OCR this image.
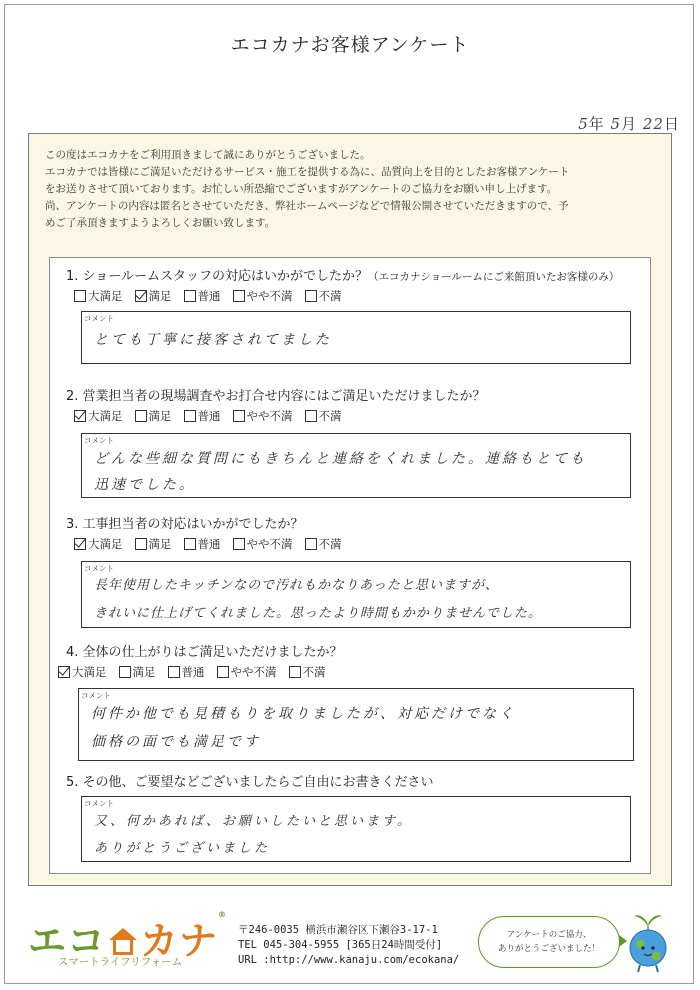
エコカナお客様アンケート
5年 5月 22日

この度はエコカナをご利用頂きまして誠にありがとうございました。

エコカナでは皆様にご満足いただけるサービス・施工を提供する為に、品質向上を目的としたお客様アンケート

をお送りさせて頂いております。お忙しい所恐縮でございますがアンケートのご協力をお願い申し上げます。

尚、アンケートの内容は匿名とさせていただき、弊社ホームページなどで情報公開させていただきますので、予

めご了承頂きますようよろしくお願い致します。

1. ショールームスタッフの対応はいかがでしたか？（エコカナショールームにご来館頂いたお客様のみ）
大満足 満足 普通 やや不満 不満
コメント
とても丁寧に接客されてました
2. 営業担当者の現場調査やお打合せ内容にはご満足いただけましたか？
大満足 満足 普通 やや不満 不満
コメント
どんな些細な質問にもきちんと連絡をくれました。連絡もとても
迅速でした。
3. 工事担当者の対応はいかがでしたか？
大満足 満足 普通 やや不満 不満
コメント
長年使用したキッチンなので汚れもかなりあったと思いますが、
きれいに仕上げてくれました。思ったより時間もかかりませんでした。
4. 全体の仕上がりはご満足いただけましたか？
大満足 満足 普通 やや不満 不満
コメント
何件か他でも見積もりを取りましたが、対応だけでなく
価格の面でも満足です
5. その他、ご要望などございましたらご自由にお書きください
コメント
又、何かあれば、お願いしたいと思います。
ありがとうございました
エコ カナ®
スマートライフリフォーム

〒246-0035 横浜市瀬谷区下瀬谷3-17-1

TEL 045-304-5955 [365日24時間受付]

URL :http://www.kanaju.com/ecokana/

アンケートのご協力、
ありがとうございました！
